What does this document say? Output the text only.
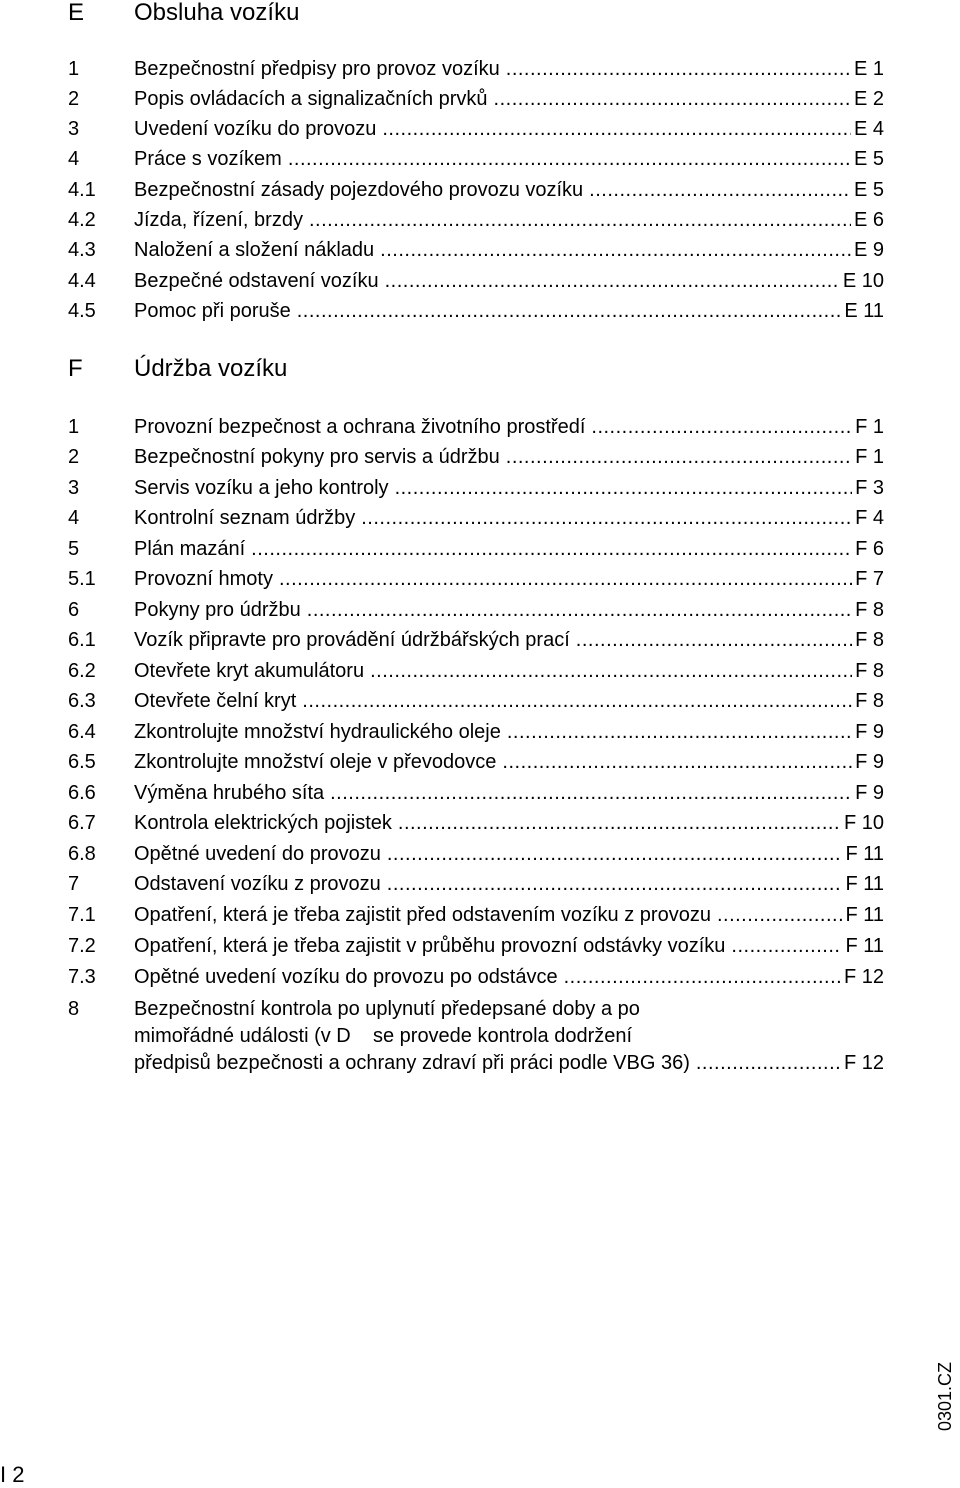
E Obsluha vozíku
1	Bezpečnostní předpisy pro provoz vozíku .....	E 1
2	Popis ovládacích a signalizačních prvků .....	E 2
3	Uvedení vozíku do provozu .....	E 4
4	Práce s vozíkem .....	E 5
4.1 Bezpečnostní zásady pojezdového provozu vozíku .....	E 5
4.2 Jízda, řízení, brzdy .....	E 6
4.3 Naložení a složení nákladu .....	E 9
4.4 Bezpečné odstavení vozíku .....	E 10
4.5 Pomoc při poruše .....	E 11
F Údržba vozíku
1	Provozní bezpečnost a ochrana životního prostředí .....	F 1
2	Bezpečnostní pokyny pro servis a údržbu .....	F 1
3	Servis vozíku a jeho kontroly .....	F 3
4	Kontrolní seznam údržby .....	F 4
5	Plán mazání .....	F 6
5.1 Provozní hmoty .....	F 7
6	Pokyny pro údržbu .....	F 8
6.1 Vozík připravte pro provádění údržbářských prací .....	F 8
6.2 Otevřete kryt akumulátoru .....	F 8
6.3 Otevřete čelní kryt .....	F 8
6.4 Zkontrolujte množství hydraulického oleje .....	F 9
6.5 Zkontrolujte množství oleje v převodovce .....	F 9
6.6 Výměna hrubého síta .....	F 9
6.7 Kontrola elektrických pojistek .....	F 10
6.8 Opětné uvedení do provozu .....	F 11
7	Odstavení vozíku z provozu .....	F 11
7.1 Opatření, která je třeba zajistit před odstavením vozíku z provozu .....	F 11
7.2 Opatření, která je třeba zajistit v průběhu provozní odstávky vozíku .....	F 11
7.3 Opětné uvedení vozíku do provozu po odstávce .....	F 12
8	Bezpečnostní kontrola po uplynutí předepsané doby a po
mimořádné události (v D    se provede kontrola dodržení
předpisů bezpečnosti a ochrany zdraví při práci podle VBG 36) .....	F 12
0301.CZ
I 2
